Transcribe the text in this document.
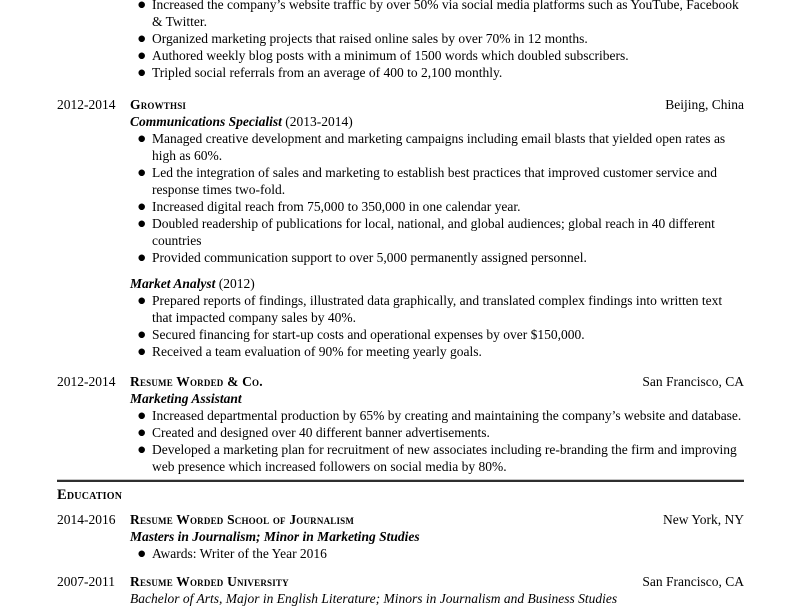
● Increased the company’s website traffic by over 50% via social media platforms such as YouTube, Facebook & Twitter.
● Organized marketing projects that raised online sales by over 70% in 12 months.
● Authored weekly blog posts with a minimum of 1500 words which doubled subscribers.
● Tripled social referrals from an average of 400 to 2,100 monthly.
2012-2014 Growthsi	Beijing, China
Communications Specialist (2013-2014)
● Managed creative development and marketing campaigns including email blasts that yielded open rates as high as 60%.
● Led the integration of sales and marketing to establish best practices that improved customer service and response times two-fold.
● Increased digital reach from 75,000 to 350,000 in one calendar year.
● Doubled readership of publications for local, national, and global audiences; global reach in 40 different countries
● Provided communication support to over 5,000 permanently assigned personnel.
Market Analyst (2012)
● Prepared reports of findings, illustrated data graphically, and translated complex findings into written text that impacted company sales by 40%.
● Secured financing for start-up costs and operational expenses by over $150,000.
● Received a team evaluation of 90% for meeting yearly goals.
2012-2014 Resume Worded & Co.	San Francisco, CA
Marketing Assistant
● Increased departmental production by 65% by creating and maintaining the company’s website and database.
● Created and designed over 40 different banner advertisements.
● Developed a marketing plan for recruitment of new associates including re-branding the firm and improving web presence which increased followers on social media by 80%.
Education
2014-2016 Resume Worded School of Journalism	New York, NY
Masters in Journalism; Minor in Marketing Studies
● Awards: Writer of the Year 2016
2007-2011 Resume Worded University	San Francisco, CA
Bachelor of Arts, Major in English Literature; Minors in Journalism and Business Studies
